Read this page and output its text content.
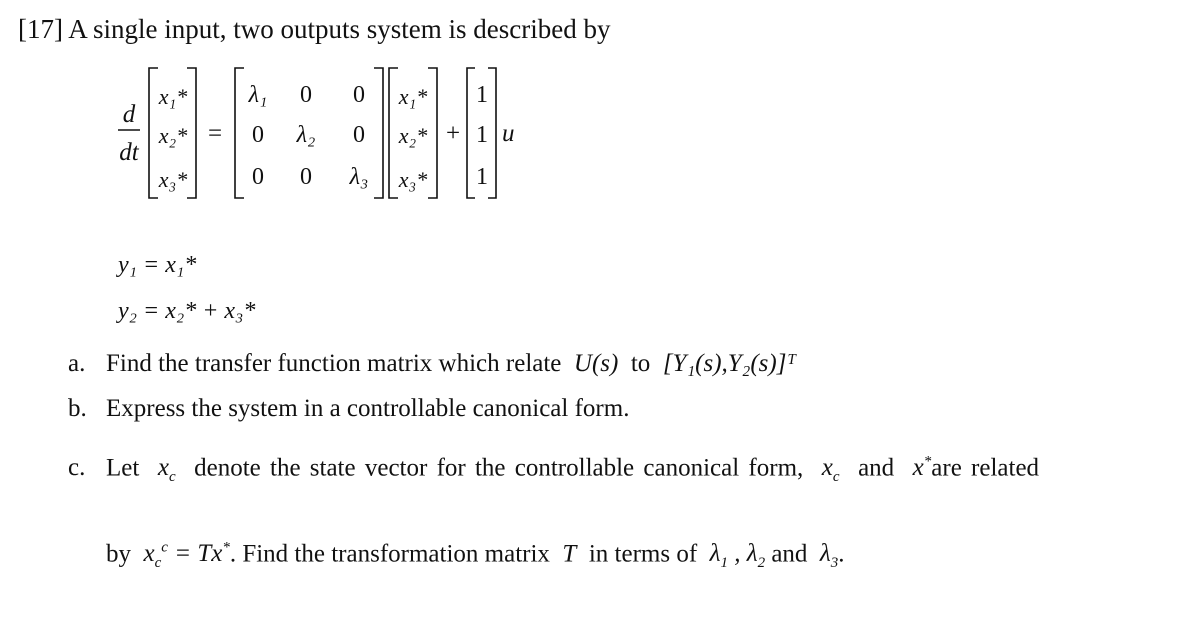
[17] A single input, two outputs system is described by
d
dt
x₁*
x₂*
x₃*
=
λ₁ 0 0
0 λ₂ 0
0 0 λ₃
x₁*
x₂*
x₃*
+
1
1
1
u
y₁ = x₁*
y₂ = x₂* + x₃*
a. Find the transfer function matrix which relate U(s) to [Y₁(s),Y₂(s)]ᵀ
b. Express the system in a controllable canonical form.
c. Let $x_c$ denote the state vector for the controllable canonical form, $x_c$ and x*are related
by $x_c^c = Tx^*$. Find the transformation matrix T in terms of $\lambda_1$ , $\lambda_2$ and $\lambda_3$.
